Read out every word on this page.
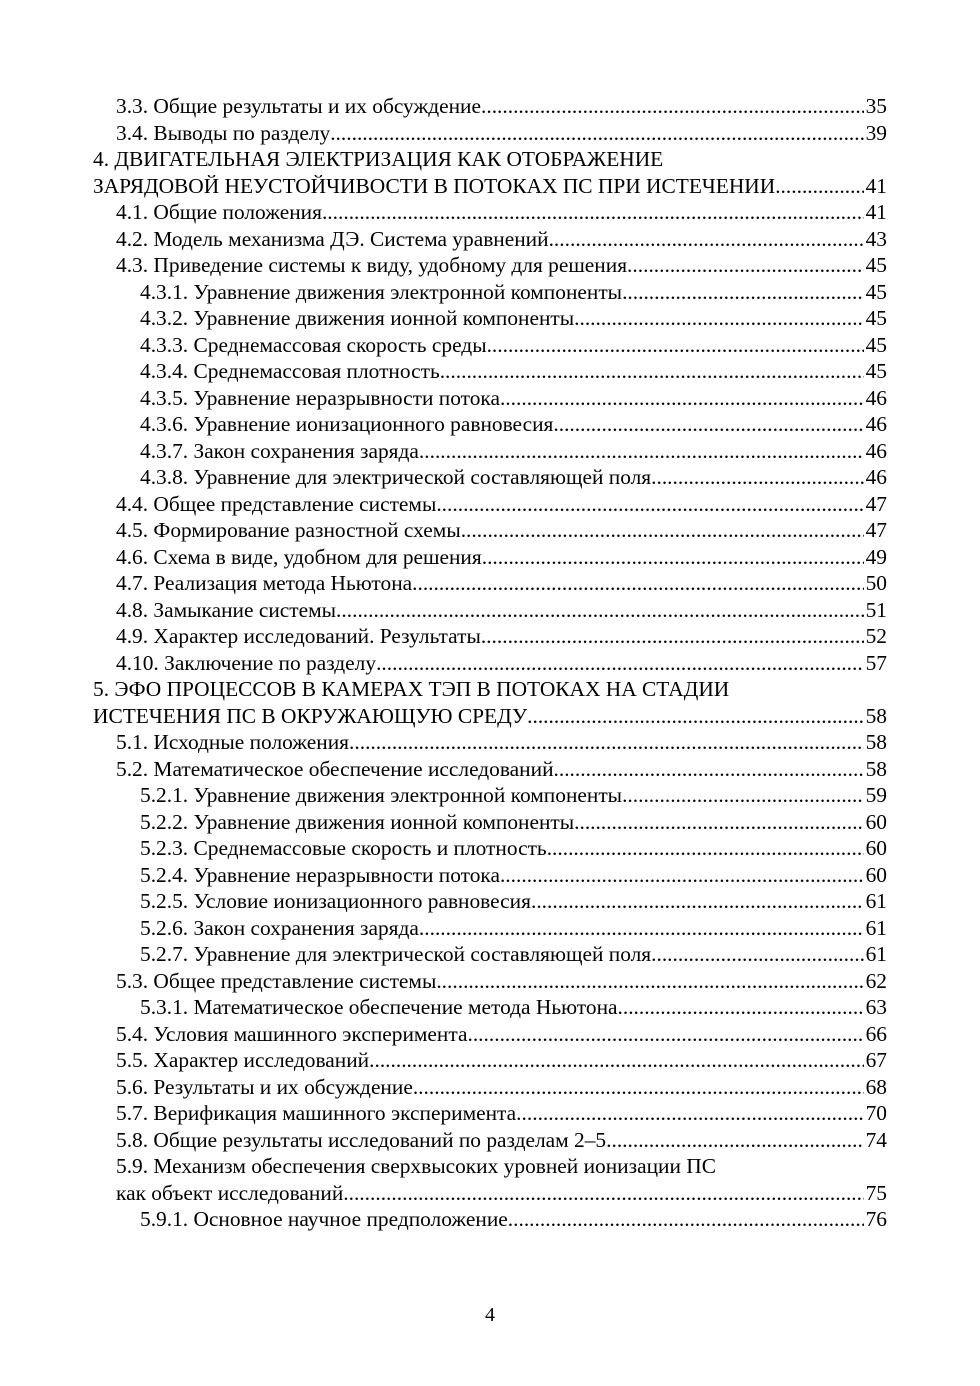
3.3. Общие результаты и их обсуждение .....	35
3.4. Выводы по разделу .....	39
4. ДВИГАТЕЛЬНАЯ ЭЛЕКТРИЗАЦИЯ КАК ОТОБРАЖЕНИЕ
ЗАРЯДОВОЙ НЕУСТОЙЧИВОСТИ В ПОТОКАХ ПС ПРИ ИСТЕЧЕНИИ .....	41
4.1. Общие положения .....	41
4.2. Модель механизма ДЭ. Система уравнений .....	43
4.3. Приведение системы к виду, удобному для решения .....	45
4.3.1. Уравнение движения электронной компоненты .....	45
4.3.2. Уравнение движения ионной компоненты .....	45
4.3.3. Среднемассовая скорость среды .....	45
4.3.4. Среднемассовая плотность .....	45
4.3.5. Уравнение неразрывности потока .....	46
4.3.6. Уравнение ионизационного равновесия .....	46
4.3.7. Закон сохранения заряда .....	46
4.3.8. Уравнение для электрической составляющей поля .....	46
4.4. Общее представление системы .....	47
4.5. Формирование разностной схемы .....	47
4.6. Схема в виде, удобном для решения .....	49
4.7. Реализация метода Ньютона .....	50
4.8. Замыкание системы .....	51
4.9. Характер исследований. Результаты .....	52
4.10. Заключение по разделу .....	57
5. ЭФО ПРОЦЕССОВ В КАМЕРАХ ТЭП В ПОТОКАХ НА СТАДИИ
ИСТЕЧЕНИЯ ПС В ОКРУЖАЮЩУЮ СРЕДУ .....	58
5.1. Исходные положения .....	58
5.2. Математическое обеспечение исследований .....	58
5.2.1. Уравнение движения электронной компоненты .....	59
5.2.2. Уравнение движения ионной компоненты .....	60
5.2.3. Среднемассовые скорость и плотность .....	60
5.2.4. Уравнение неразрывности потока .....	60
5.2.5. Условие ионизационного равновесия .....	61
5.2.6. Закон сохранения заряда .....	61
5.2.7. Уравнение для электрической составляющей поля .....	61
5.3. Общее представление системы .....	62
5.3.1. Математическое обеспечение метода Ньютона .....	63
5.4. Условия машинного эксперимента .....	66
5.5. Характер исследований .....	67
5.6. Результаты и их обсуждение .....	68
5.7. Верификация машинного эксперимента .....	70
5.8. Общие результаты исследований по разделам 2–5 .....	74
5.9. Механизм обеспечения сверхвысоких уровней ионизации ПС
как объект исследований .....	75
5.9.1. Основное научное предположение .....	76
4
